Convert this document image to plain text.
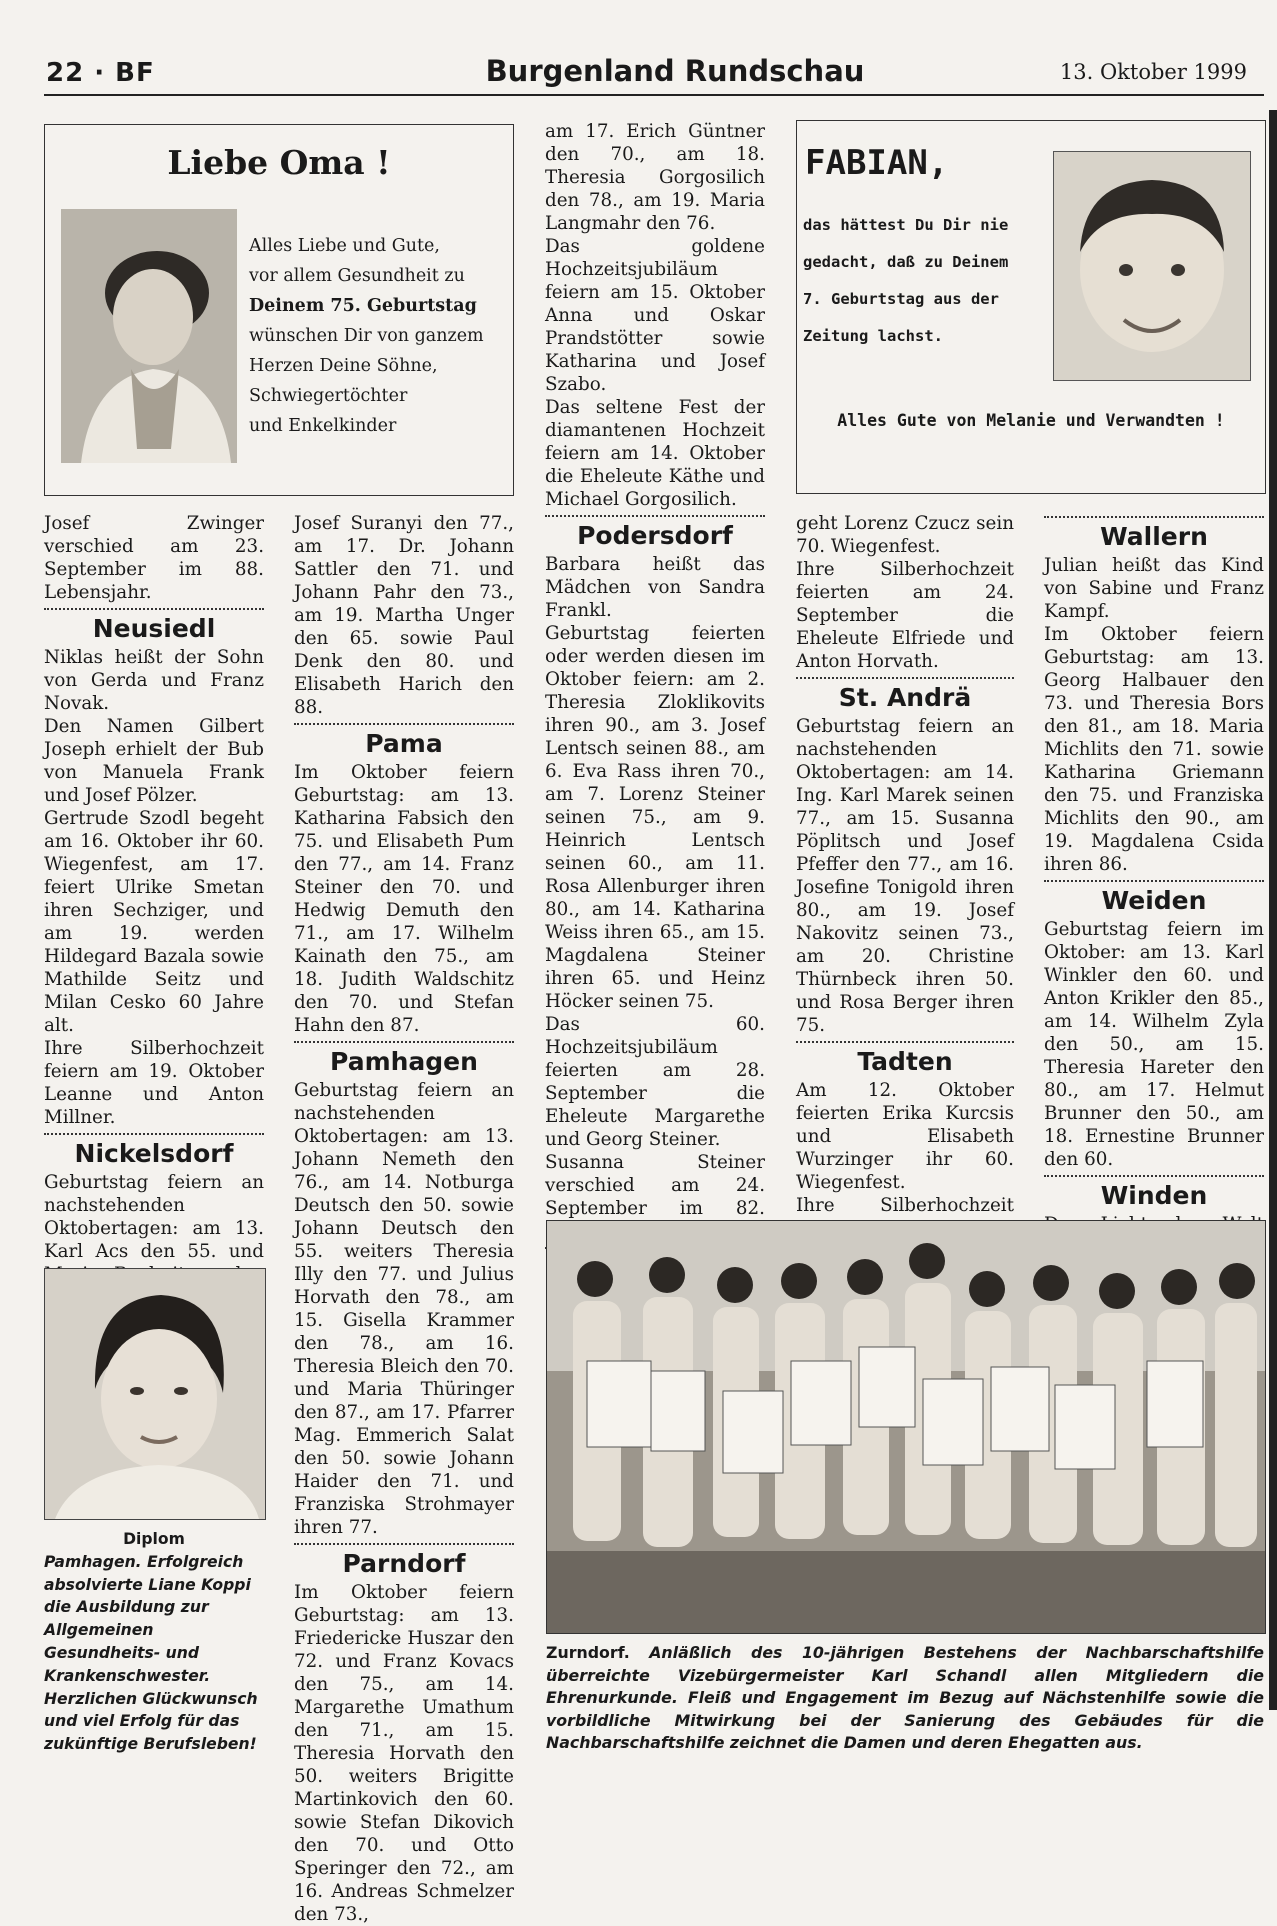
22 · BF	Burgenland Rundschau	13. Oktober 1999
Liebe Oma !
Alles Liebe und Gute,
vor allem Gesundheit zu
Deinem 75. Geburtstag
wünschen Dir von ganzem
Herzen Deine Söhne,
Schwiegertöchter
und Enkelkinder
FABIAN,
das hättest Du Dir nie
gedacht, daß zu Deinem
7. Geburtstag aus der
Zeitung lachst.
Alles Gute von Melanie und Verwandten !

Josef Zwinger verschied am 23. September im 88. Lebensjahr.

Neusiedl

Niklas heißt der Sohn von Gerda und Franz Novak.

Den Namen Gilbert Joseph erhielt der Bub von Manuela Frank und Josef Pölzer.

Gertrude Szodl begeht am 16. Oktober ihr 60. Wiegenfest, am 17. feiert Ulrike Smetan ihren Sechziger, und am 19. werden Hildegard Bazala sowie Mathilde Seitz und Milan Cesko 60 Jahre alt.

Ihre Silberhochzeit feiern am 19. Oktober Leanne und Anton Millner.

Nickelsdorf

Geburtstag feiern an nachstehenden Oktobertagen: am 13. Karl Acs den 55. und

Diplom
Pamhagen. Erfolgreich absolvierte Liane Koppi die Ausbildung zur Allgemeinen Gesundheits- und Krankenschwester. Herzlichen Glückwunsch und viel Erfolg für das zukünftige Berufsleben!

Josef Suranyi den 77., am 17. Dr. Johann Sattler den 71. und Johann Pahr den 73., am 19. Martha Unger den 65. sowie Paul Denk den 80. und Elisabeth Harich den 88.

Pama

Im Oktober feiern Geburtstag: am 13. Katharina Fabsich den 75. und Elisabeth Pum den 77., am 14. Franz Steiner den 70. und Hedwig Demuth den 71., am 17. Wilhelm Kainath den 75., am 18. Judith Waldschitz den 70. und Stefan Hahn den 87.

Pamhagen

Geburtstag feiern an nachstehenden Oktobertagen: am 13. Johann Nemeth den 76., am 14. Notburga Deutsch den 50. sowie Johann Deutsch den 55. weiters Theresia Illy den 77. und Julius Horvath den 78., am 15. Gisella Krammer den 78., am 16. Theresia Bleich den 70. und Maria Thüringer den 87., am 17. Pfarrer Mag. Emmerich Salat den 50. sowie Johann Haider den 71. und Franziska Strohmayer ihren 77.

Parndorf

Im Oktober feiern Geburtstag: am 13. Friedericke Huszar den 72. und Franz Kovacs den 75., am 14. Margarethe Umathum den 71., am 15. Theresia Horvath den 50. weiters Brigitte Martinkovich den 60. sowie Stefan Dikovich den 70. und Otto Speringer den 72., am 16. Andreas Schmelzer den 73.,

am 17. Erich Güntner den 70., am 18. Theresia Gorgosilich den 78., am 19. Maria Langmahr den 76.

Das goldene Hochzeitsjubiläum feiern am 15. Oktober Anna und Oskar Prandstötter sowie Katharina und Josef Szabo.

Das seltene Fest der diamantenen Hochzeit feiern am 14. Oktober die Eheleute Käthe und Michael Gorgosilich.

Podersdorf

Barbara heißt das Mädchen von Sandra Frankl.

Geburtstag feierten oder werden diesen im Oktober feiern: am 2. Theresia Zloklikovits ihren 90., am 3. Josef Lentsch seinen 88., am 6. Eva Rass ihren 70., am 7. Lorenz Steiner seinen 75., am 9. Heinrich Lentsch seinen 60., am 11. Rosa Allenburger ihren 80., am 14. Katharina Weiss ihren 65., am 15. Magdalena Steiner ihren 65. und Heinz Höcker seinen 75.

Das 60. Hochzeitsjubiläum feierten am 28. September die Eheleute Margarethe und Georg Steiner.

Susanna Steiner verschied am 24. September im 82.

geht Lorenz Czucz sein 70. Wiegenfest.

Ihre Silberhochzeit feierten am 24. September die Eheleute Elfriede und Anton Horvath.

St. Andrä

Geburtstag feiern an nachstehenden Oktobertagen: am 14. Ing. Karl Marek seinen 77., am 15. Susanna Pöplitsch und Josef Pfeffer den 77., am 16. Josefine Tonigold ihren 80., am 19. Josef Nakovitz seinen 73., am 20. Christine Thürnbeck ihren 50. und Rosa Berger ihren 75.

Tadten

Am 12. Oktober feierten Erika Kurcsis und Elisabeth Wurzinger ihr 60. Wiegenfest.

Ihre Silberhochzeit

Wallern

Julian heißt das Kind von Sabine und Franz Kampf.

Im Oktober feiern Geburtstag: am 13. Georg Halbauer den 73. und Theresia Bors den 81., am 18. Maria Michlits den 71. sowie Katharina Griemann den 75. und Franziska Michlits den 90., am 19. Magdalena Csida ihren 86.

Weiden

Geburtstag feiern im Oktober: am 13. Karl Winkler den 60. und Anton Krikler den 85., am 14. Wilhelm Zyla den 50., am 15. Theresia Hareter den 80., am 17. Helmut Brunner den 50., am 18. Ernestine Brunner den 60.

Winden

Zurndorf. Anläßlich des 10-jährigen Bestehens der Nachbarschaftshilfe überreichte Vizebürgermeister Karl Schandl allen Mitgliedern die Ehrenurkunde. Fleiß und Engagement im Bezug auf Nächstenhilfe sowie die vorbildliche Mitwirkung bei der Sanierung des Gebäudes für die Nachbarschaftshilfe zeichnet die Damen und deren Ehegatten aus.
